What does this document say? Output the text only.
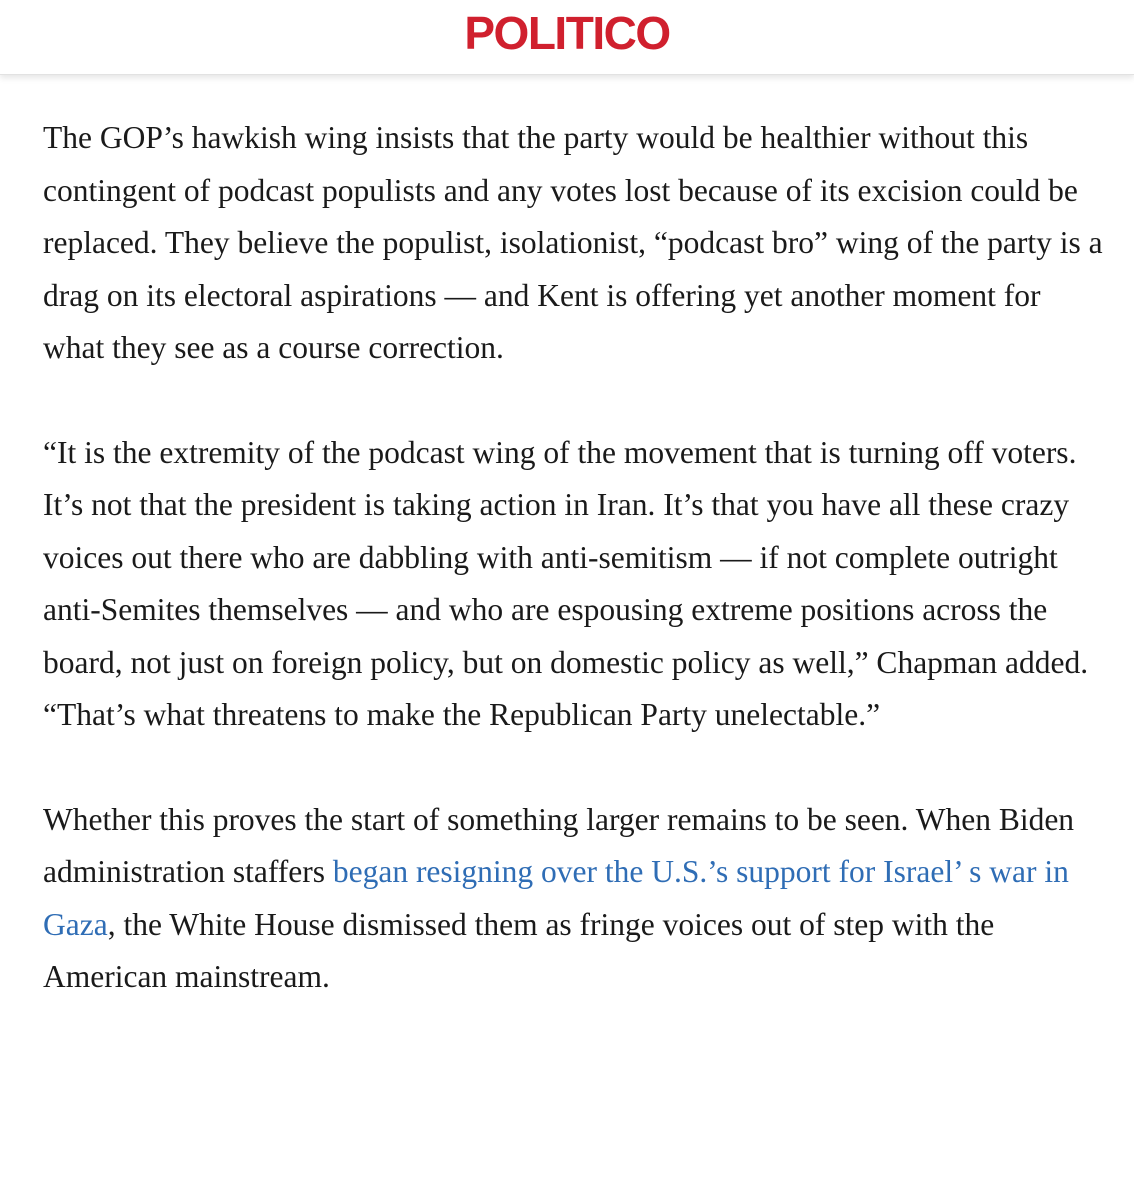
POLITICO

The GOP’s hawkish wing insists that the party would be healthier without this contingent of podcast populists and any votes lost because of its excision could be replaced. They believe the populist, isolationist, “podcast bro” wing of the party is a drag on its electoral aspirations — and Kent is offering yet another moment for what they see as a course correction.

“It is the extremity of the podcast wing of the movement that is turning off voters. It’s not that the president is taking action in Iran. It’s that you have all these crazy voices out there who are dabbling with anti-semitism — if not complete outright anti-Semites themselves — and who are espousing extreme positions across the board, not just on foreign policy, but on domestic policy as well,” Chapman added. “That’s what threatens to make the Republican Party unelectable.”

Whether this proves the start of something larger remains to be seen. When Biden administration staffers began resigning over the U.S.’s support for Israel’ s war in Gaza, the White House dismissed them as fringe voices out of step with the American mainstream.
